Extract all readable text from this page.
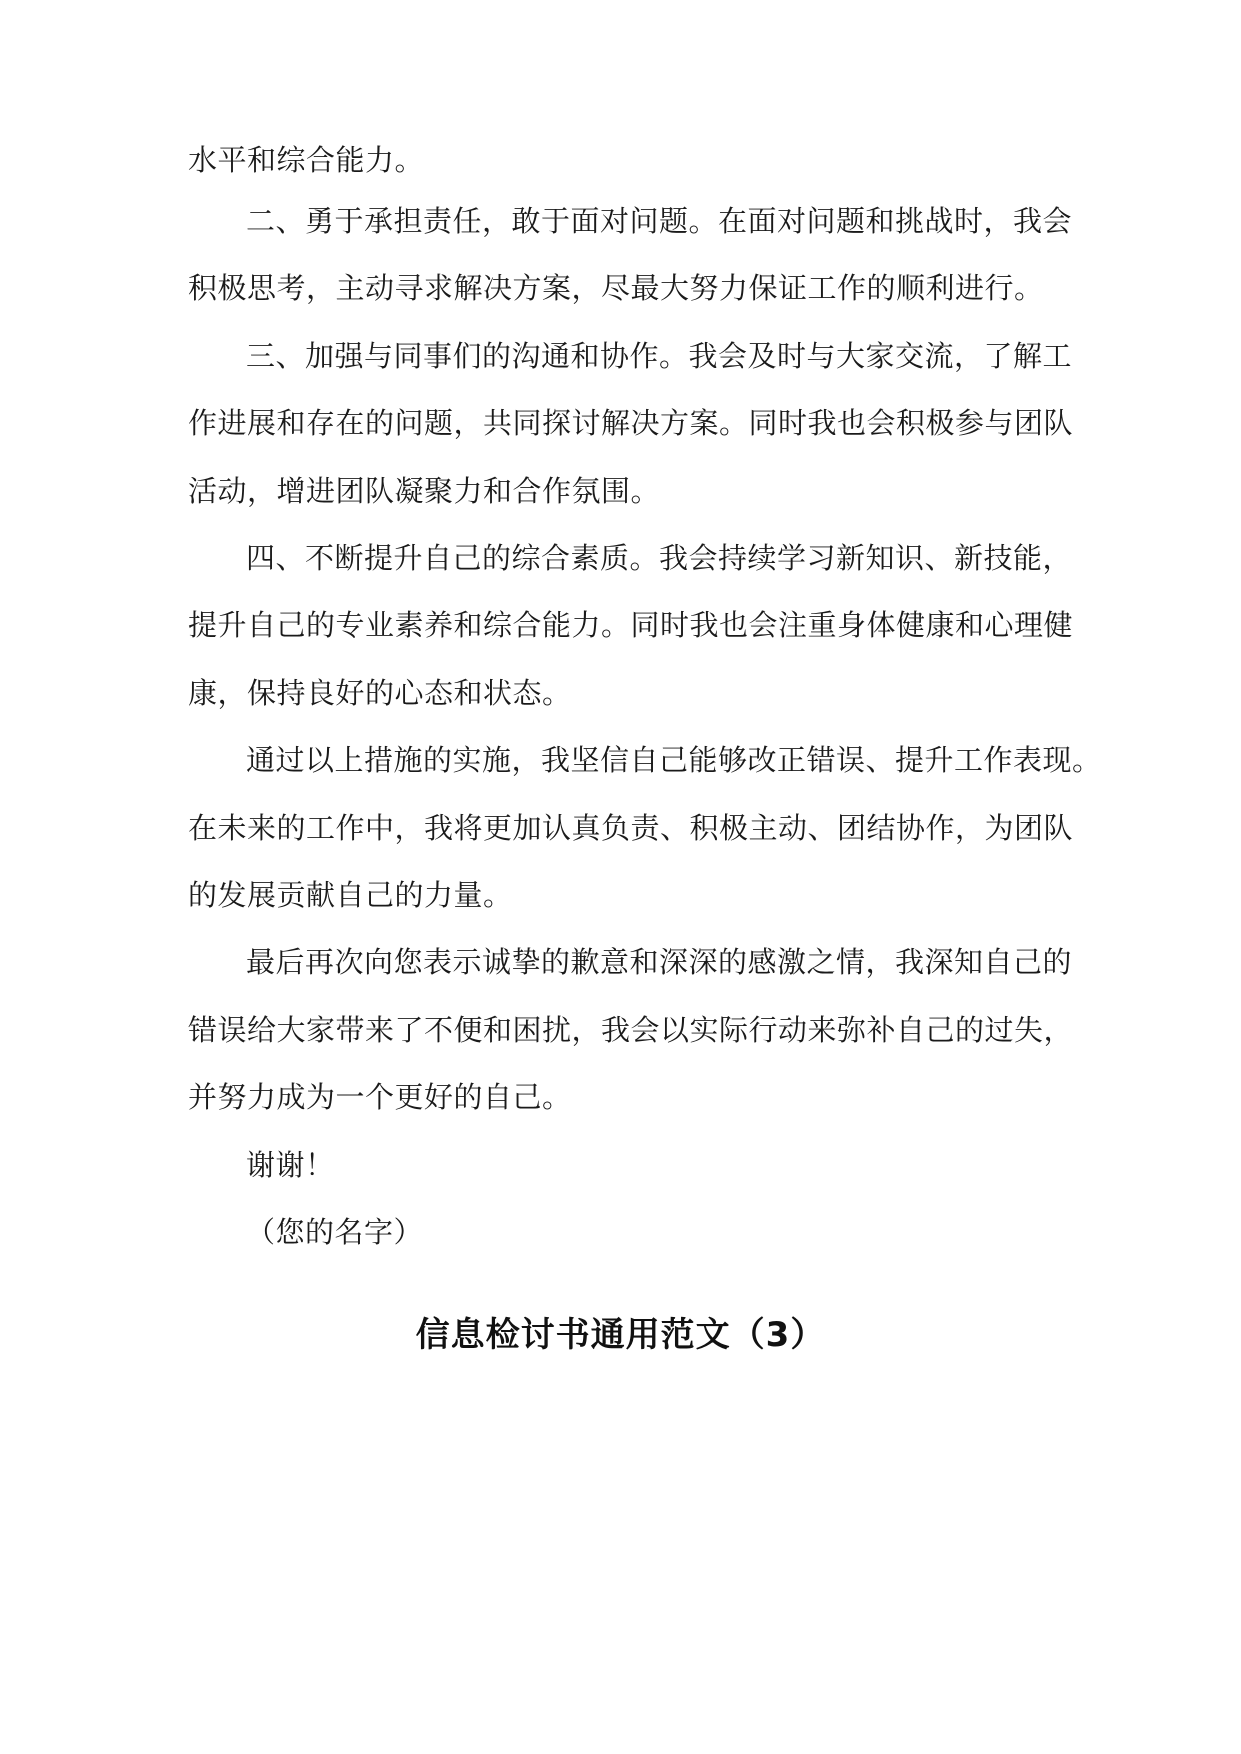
水平和综合能力。
二、勇于承担责任，敢于面对问题。在面对问题和挑战时，我会
积极思考，主动寻求解决方案，尽最大努力保证工作的顺利进行。
三、加强与同事们的沟通和协作。我会及时与大家交流，了解工
作进展和存在的问题，共同探讨解决方案。同时我也会积极参与团队
活动，增进团队凝聚力和合作氛围。
四、不断提升自己的综合素质。我会持续学习新知识、新技能，
提升自己的专业素养和综合能力。同时我也会注重身体健康和心理健
康，保持良好的心态和状态。
通过以上措施的实施，我坚信自己能够改正错误、提升工作表现。
在未来的工作中，我将更加认真负责、积极主动、团结协作，为团队
的发展贡献自己的力量。
最后再次向您表示诚挚的歉意和深深的感激之情，我深知自己的
错误给大家带来了不便和困扰，我会以实际行动来弥补自己的过失，
并努力成为一个更好的自己。
谢谢！
（您的名字）
信息检讨书通用范文（3）
